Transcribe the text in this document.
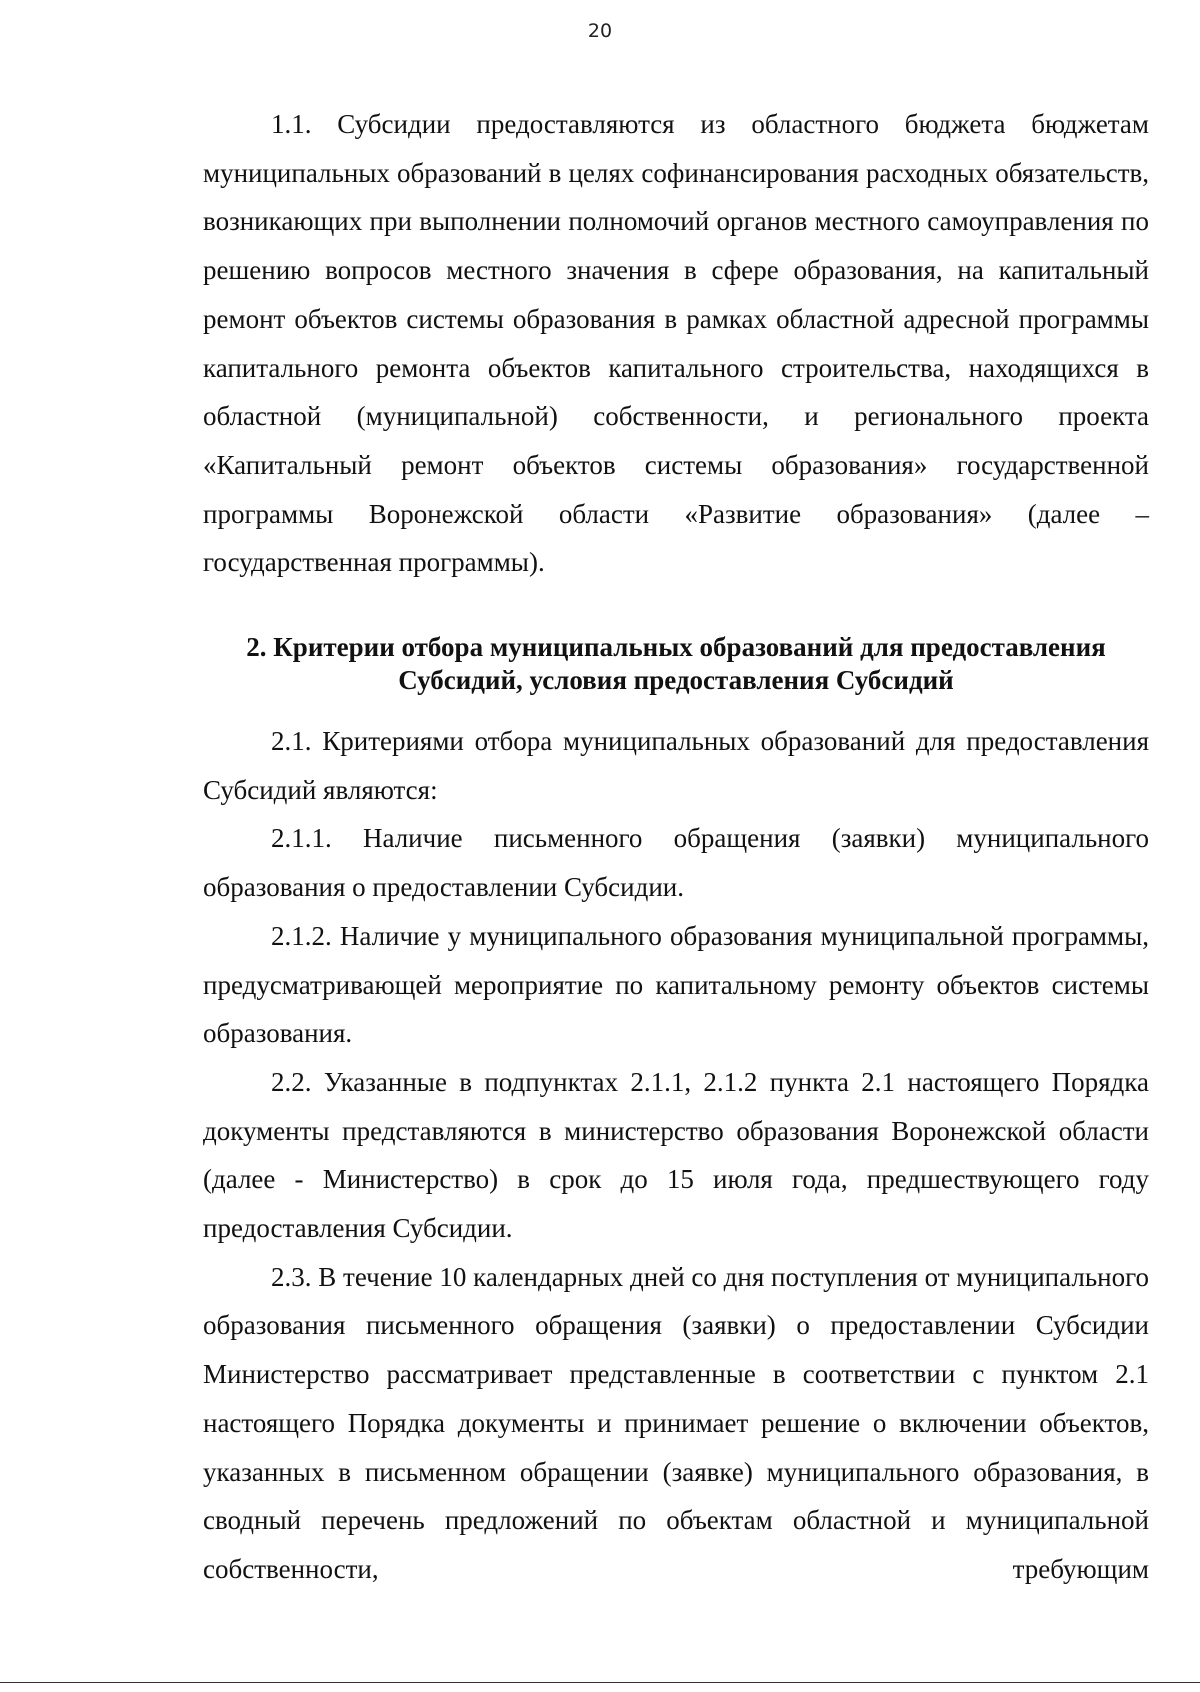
20

1.1. Субсидии предоставляются из областного бюджета бюджетам муниципальных образований в целях софинансирования расходных обязательств, возникающих при выполнении полномочий органов местного самоуправления по решению вопросов местного значения в сфере образования, на капитальный ремонт объектов системы образования в рамках областной адресной программы капитального ремонта объектов капитального строительства, находящихся в областной (муниципальной) собственности, и регионального проекта «Капитальный ремонт объектов системы образования» государственной программы Воронежской области «Развитие образования» (далее – государственная программы).

2. Критерии отбора муниципальных образований для предоставления
Субсидий, условия предоставления Субсидий

2.1. Критериями отбора муниципальных образований для предоставления Субсидий являются:

2.1.1. Наличие письменного обращения (заявки) муниципального образования о предоставлении Субсидии.

2.1.2. Наличие у муниципального образования муниципальной программы, предусматривающей мероприятие по капитальному ремонту объектов системы образования.

2.2. Указанные в подпунктах 2.1.1, 2.1.2 пункта 2.1 настоящего Порядка документы представляются в министерство образования Воронежской области (далее - Министерство) в срок до 15 июля года, предшествующего году предоставления Субсидии.

2.3. В течение 10 календарных дней со дня поступления от муниципального образования письменного обращения (заявки) о предоставлении Субсидии Министерство рассматривает представленные в соответствии с пунктом 2.1 настоящего Порядка документы и принимает решение о включении объектов, указанных в письменном обращении (заявке) муниципального образования, в сводный перечень предложений по объектам областной и муниципальной собственности, требующим
